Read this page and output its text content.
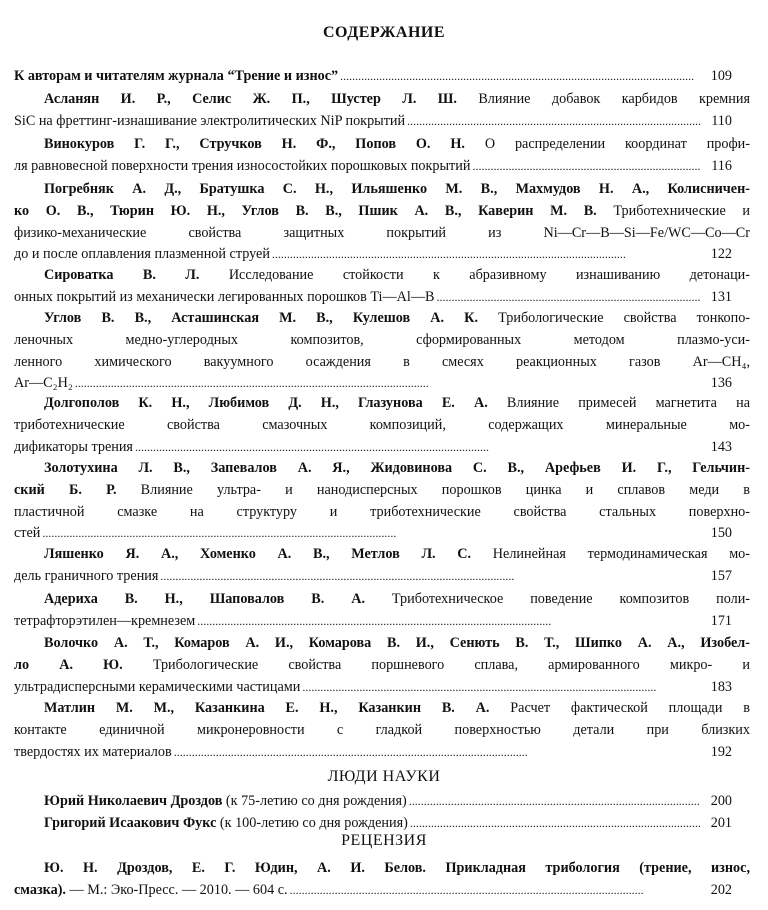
СОДЕРЖАНИЕ
К авторам и читателям журнала “Трение и износ” . . .	109
Асланян И. Р., Селис Ж. П., Шустер Л. Ш. Влияние добавок карбидов кремния
SiC на фреттинг-изнашивание электролитических NiP покрытий . . .	110
Винокуров Г. Г., Стручков Н. Ф., Попов О. Н. О распределении координат профи-
ля равновесной поверхности трения износостойких порошковых покрытий . . .	116
Погребняк А. Д., Братушка С. Н., Ильяшенко М. В., Махмудов Н. А., Колисничен-
ко О. В., Тюрин Ю. Н., Углов В. В., Пшик А. В., Каверин М. В. Триботехнические и
физико-механические свойства защитных покрытий из Ni—Cr—B—Si—Fe/WC—Co—Cr
до и после оплавления плазменной струей . . .	122
Сироватка В. Л. Исследование стойкости к абразивному изнашиванию детонаци-
онных покрытий из механически легированных порошков Ti—Al—B . . .	131
Углов В. В., Асташинская М. В., Кулешов А. К. Трибологические свойства тонкопо-
леночных медно-углеродных композитов, сформированных методом плазмо-уси-
ленного химического вакуумного осаждения в смесях реакционных газов Ar—CH₄,
Ar—C₂H₂ . . .	136
Долгополов К. Н., Любимов Д. Н., Глазунова Е. А. Влияние примесей магнетита на
триботехнические свойства смазочных композиций, содержащих минеральные мо-
дификаторы трения . . .	143
Золотухина Л. В., Запевалов А. Я., Жидовинова С. В., Арефьев И. Г., Гельчин-
ский Б. Р. Влияние ультра- и нанодисперсных порошков цинка и сплавов меди в
пластичной смазке на структуру и триботехнические свойства стальных поверхно-
стей . . .	150
Ляшенко Я. А., Хоменко А. В., Метлов Л. С. Нелинейная термодинамическая мо-
дель граничного трения . . .	157
Адериха В. Н., Шаповалов В. А. Триботехническое поведение композитов поли-
тетрафторэтилен—кремнезем . . .	171
Волочко А. Т., Комаров А. И., Комарова В. И., Сенють В. Т., Шипко А. А., Изобел-
ло А. Ю. Трибологические свойства поршневого сплава, армированного микро- и
ультрадисперсными керамическими частицами . . .	183
Матлин М. М., Казанкина Е. Н., Казанкин В. А. Расчет фактической площади в
контакте единичной микронеровности с гладкой поверхностью детали при близких
твердостях их материалов . . .	192
ЛЮДИ НАУКИ
Юрий Николаевич Дроздов (к 75-летию со дня рождения) . . .	200
Григорий Исаакович Фукс (к 100-летию со дня рождения) . . .	201
РЕЦЕНЗИЯ
Ю. Н. Дроздов, Е. Г. Юдин, А. И. Белов. Прикладная трибология (трение, износ,
смазка). — М.: Эко-Пресс. — 2010. — 604 с. . . .	202
